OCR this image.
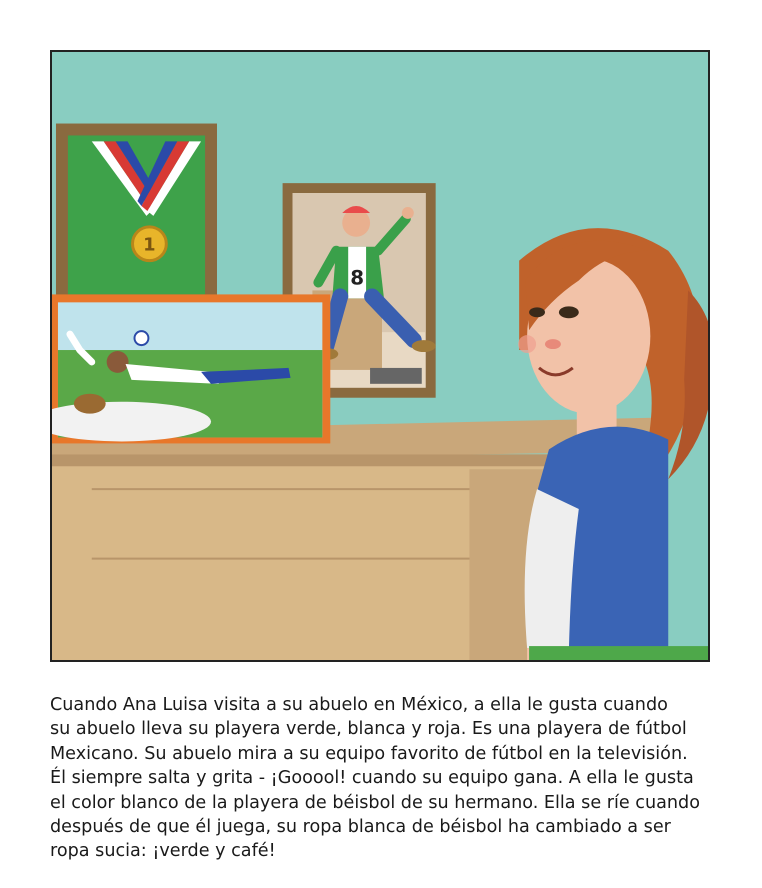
1
8

Cuando Ana Luisa visita a su abuelo en México, a ella le gusta cuando
su abuelo lleva su playera verde, blanca y roja. Es una playera de fútbol
Mexicano. Su abuelo mira a su equipo favorito de fútbol en la televisión.
Él siempre salta y grita - ¡Gooool! cuando su equipo gana. A ella le gusta
el color blanco de la playera de béisbol de su hermano. Ella se ríe cuando
después de que él juega, su ropa blanca de béisbol ha cambiado a ser
ropa sucia: ¡verde y café!
